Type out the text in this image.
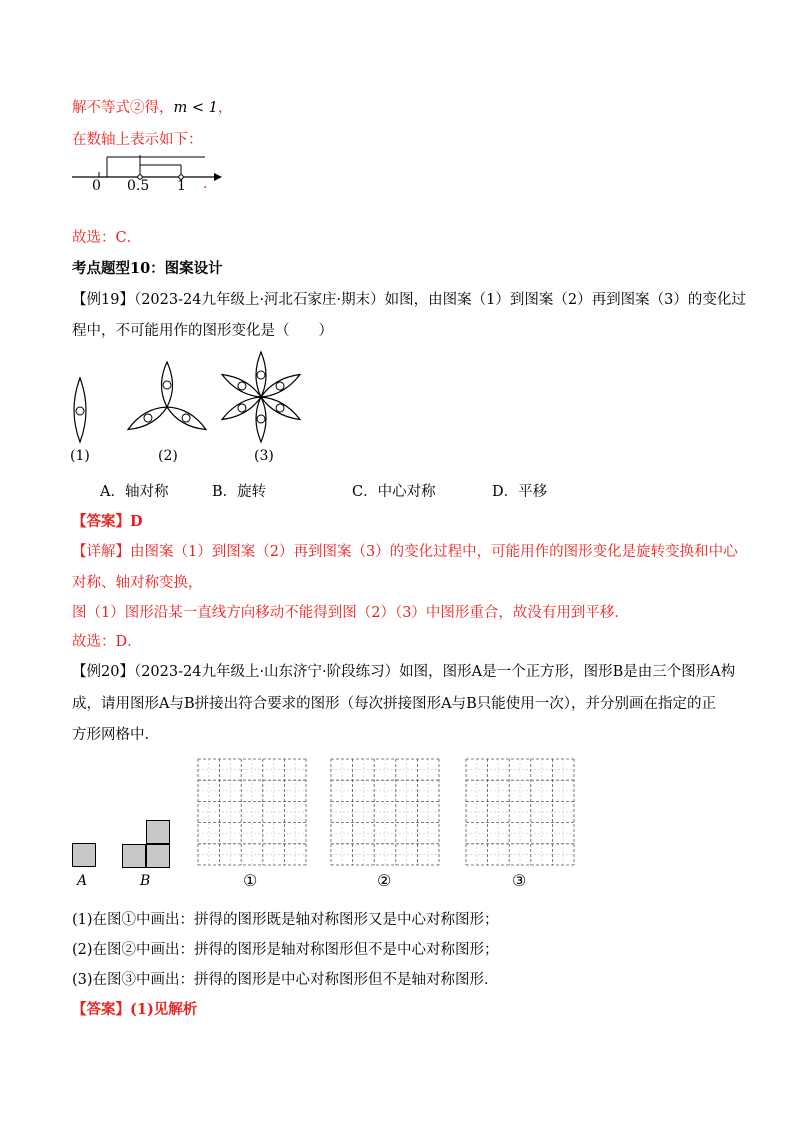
解不等式②得，m < 1，
在数轴上表示如下：
0 0.5 1 .
故选：C．
考点题型10：图案设计
【例19】（2023-24九年级上·河北石家庄·期末）如图，由图案（1）到图案（2）再到图案（3）的变化过
程中，不可能用作的图形变化是（　　）
(1)	(2)	(3)
A．轴对称	B．旋转	C．中心对称	D．平移
【答案】D
【详解】由图案（1）到图案（2）再到图案（3）的变化过程中，可能用作的图形变化是旋转变换和中心
对称、轴对称变换，
图（1）图形沿某一直线方向移动不能得到图（2）（3）中图形重合，故没有用到平移．
故选：D．
【例20】（2023-24九年级上·山东济宁·阶段练习）如图，图形A是一个正方形，图形B是由三个图形A构
成，请用图形A与B拼接出符合要求的图形（每次拼接图形A与B只能使用一次），并分别画在指定的正
方形网格中．
A	B	①	②	③
(1)在图①中画出：拼得的图形既是轴对称图形又是中心对称图形；
(2)在图②中画出：拼得的图形是轴对称图形但不是中心对称图形；
(3)在图③中画出：拼得的图形是中心对称图形但不是轴对称图形．
【答案】(1)见解析
